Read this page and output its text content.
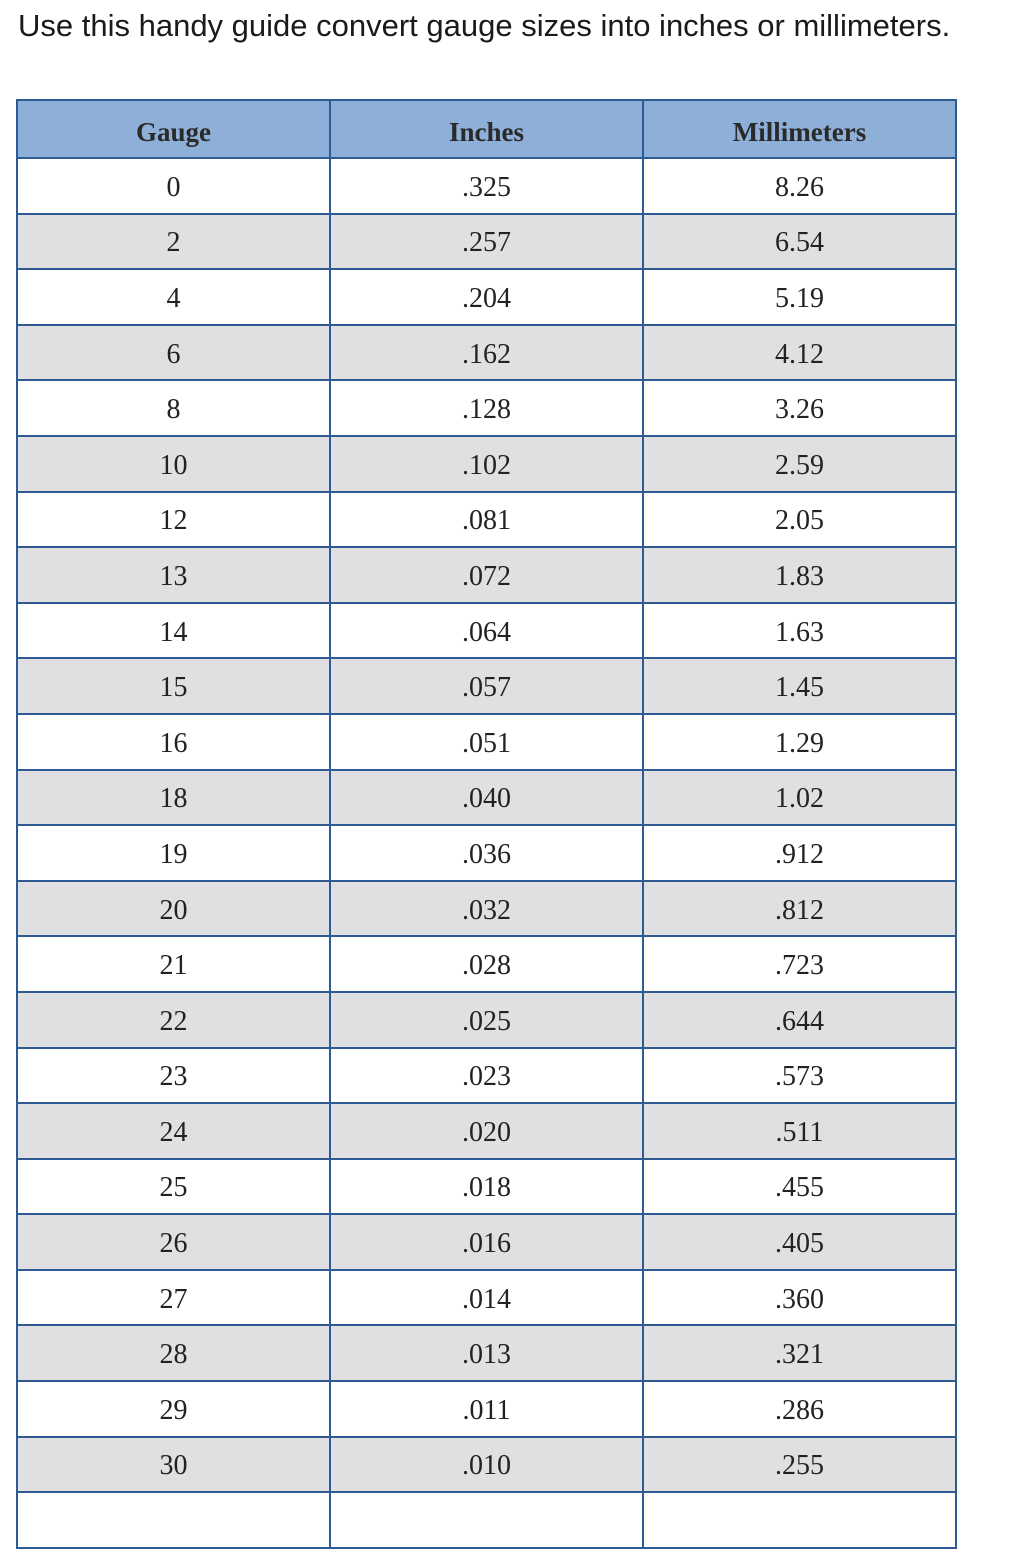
Use this handy guide convert gauge sizes into inches or millimeters.

Gauge	Inches	Millimeters
0	.325	8.26
2	.257	6.54
4	.204	5.19
6	.162	4.12
8	.128	3.26
10	.102	2.59
12	.081	2.05
13	.072	1.83
14	.064	1.63
15	.057	1.45
16	.051	1.29
18	.040	1.02
19	.036	.912
20	.032	.812
21	.028	.723
22	.025	.644
23	.023	.573
24	.020	.511
25	.018	.455
26	.016	.405
27	.014	.360
28	.013	.321
29	.011	.286
30	.010	.255
